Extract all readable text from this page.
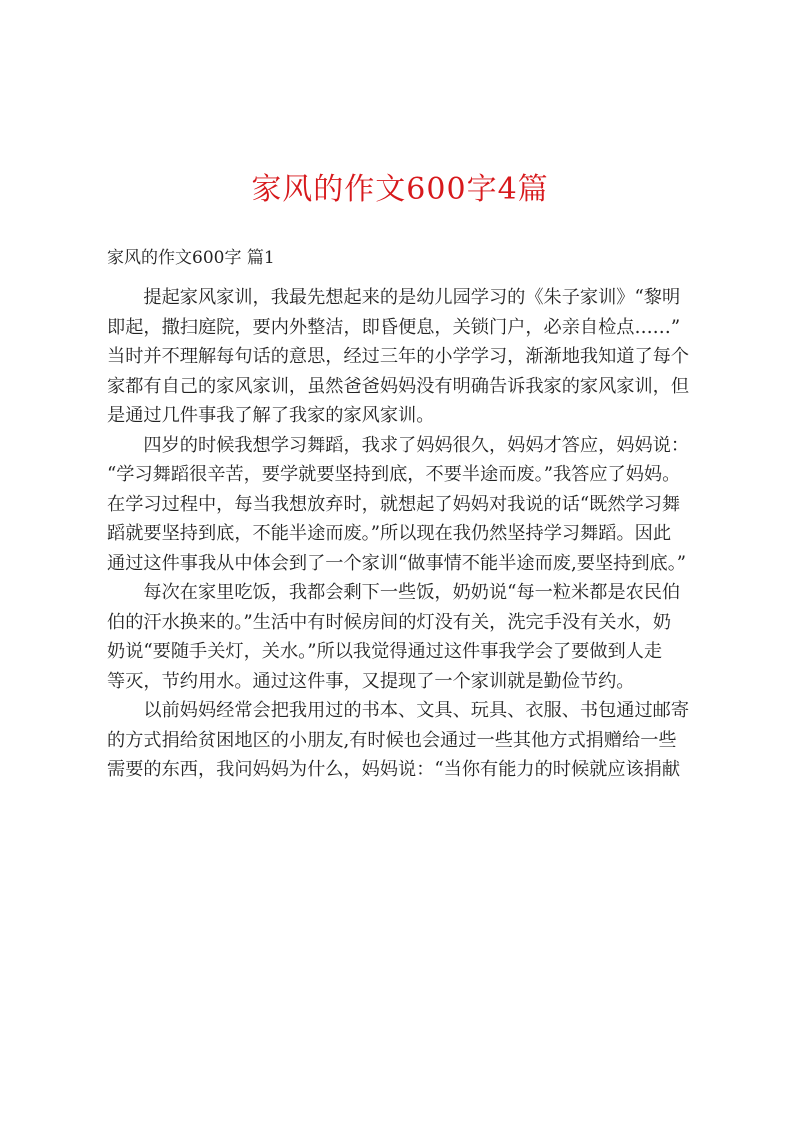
家风的作文600字4篇
家风的作文600字 篇1

提起家风家训，我最先想起来的是幼儿园学习的《朱子家训》“黎明
即起，撒扫庭院，要内外整洁，即昏便息，关锁门户，必亲自检点……”
当时并不理解每句话的意思，经过三年的小学学习，渐渐地我知道了每个
家都有自己的家风家训，虽然爸爸妈妈没有明确告诉我家的家风家训，但
是通过几件事我了解了我家的家风家训。

四岁的时候我想学习舞蹈，我求了妈妈很久，妈妈才答应，妈妈说：
“学习舞蹈很辛苦，要学就要坚持到底，不要半途而废。”我答应了妈妈。
在学习过程中，每当我想放弃时，就想起了妈妈对我说的话“既然学习舞
蹈就要坚持到底，不能半途而废。”所以现在我仍然坚持学习舞蹈。因此
通过这件事我从中体会到了一个家训“做事情不能半途而废,要坚持到底。”

每次在家里吃饭，我都会剩下一些饭，奶奶说“每一粒米都是农民伯
伯的汗水换来的。”生活中有时候房间的灯没有关，洗完手没有关水，奶
奶说“要随手关灯，关水。”所以我觉得通过这件事我学会了要做到人走
等灭，节约用水。通过这件事，又提现了一个家训就是勤俭节约。

以前妈妈经常会把我用过的书本、文具、玩具、衣服、书包通过邮寄
的方式捐给贫困地区的小朋友,有时候也会通过一些其他方式捐赠给一些
需要的东西，我问妈妈为什么，妈妈说：“当你有能力的时候就应该捐献
